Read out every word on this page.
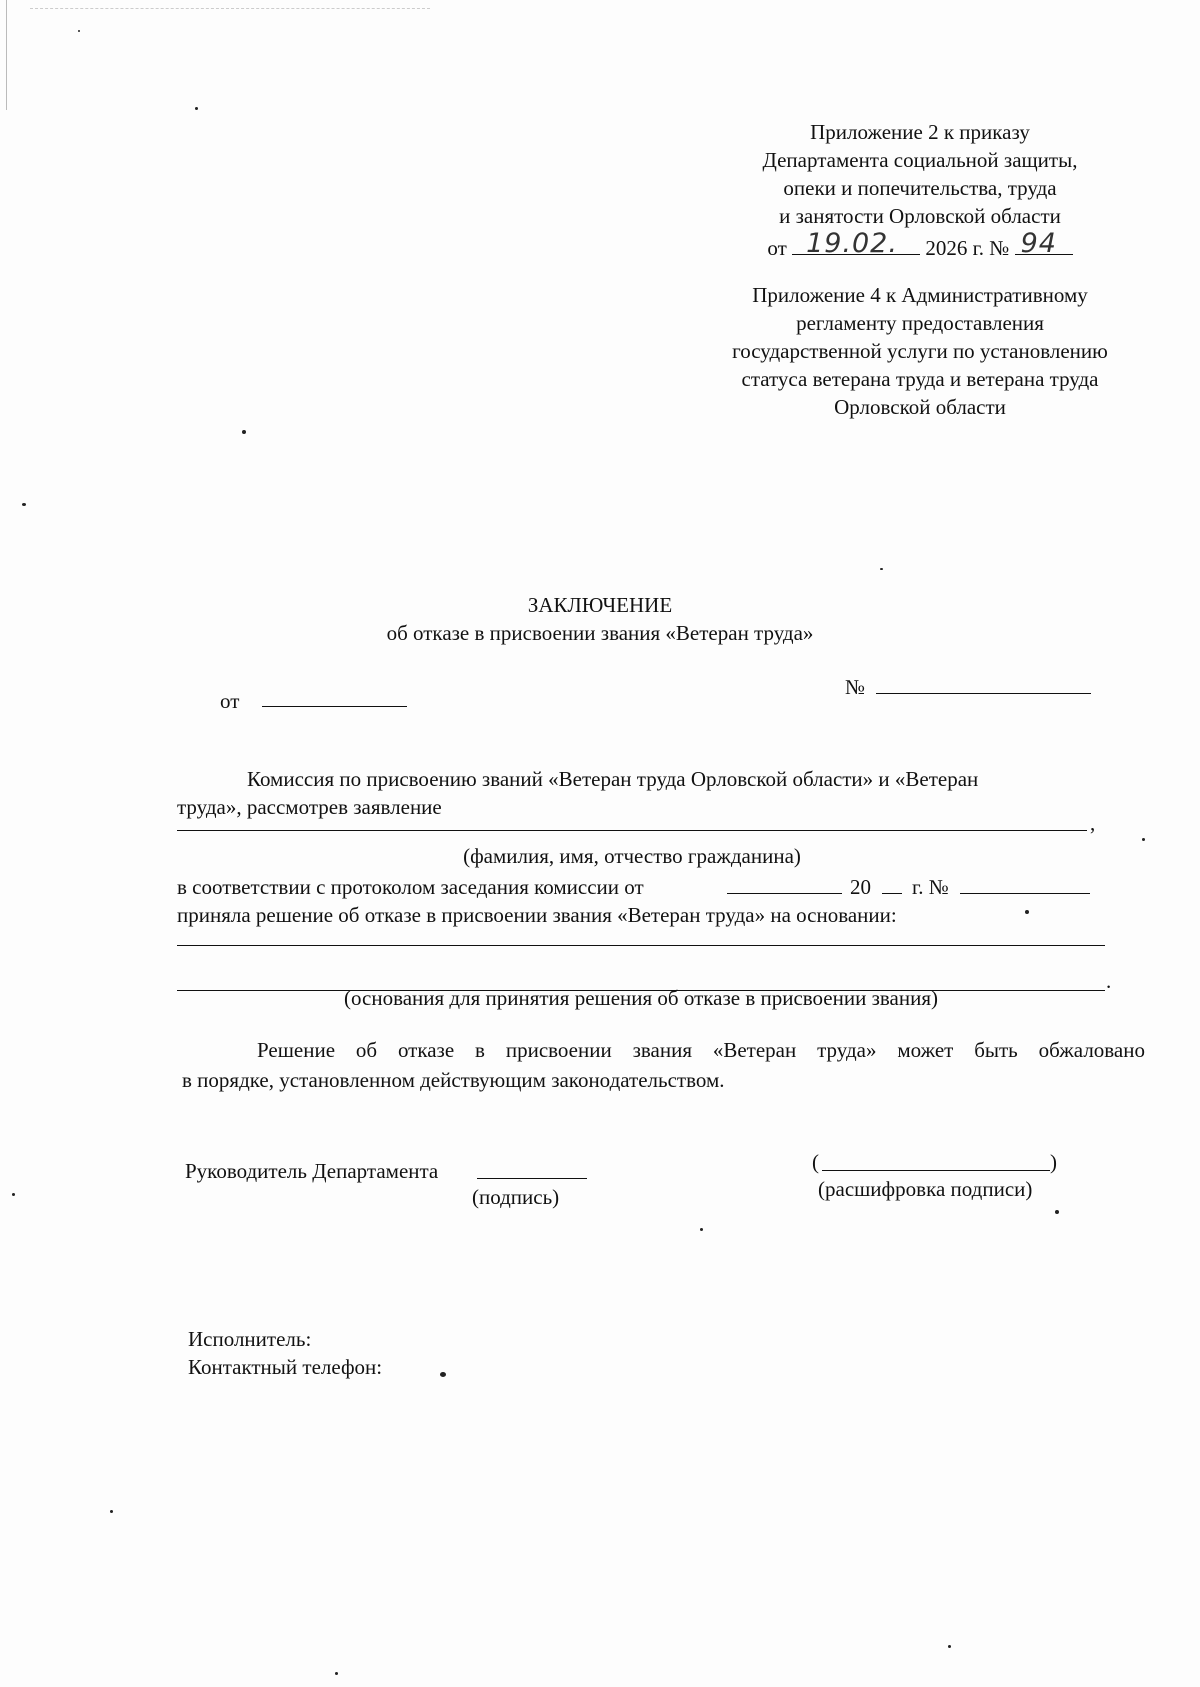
Приложение 2 к приказу
Департамента социальной защиты,
опеки и попечительства, труда
и занятости Орловской области
от 19.02. 2026 г. № 94
Приложение 4 к Административному
регламенту предоставления
государственной услуги по установлению
статуса ветерана труда и ветерана труда
Орловской области
ЗАКЛЮЧЕНИЕ
об отказе в присвоении звания «Ветеран труда»
от
№
Комиссия по присвоению званий «Ветеран труда Орловской области» и «Ветеран
труда», рассмотрев заявление
,
(фамилия, имя, отчество гражданина)
в соответствии с протоколом заседания комиссии от	20 г. №
приняла решение об отказе в присвоении звания «Ветеран труда» на основании:
.
(основания для принятия решения об отказе в присвоении звания)
Решение об отказе в присвоении звания «Ветеран труда» может быть обжаловано
в порядке, установленном действующим законодательством.
Руководитель Департамента
(подпись)
(	)
(расшифровка подписи)
Исполнитель:
Контактный телефон:
